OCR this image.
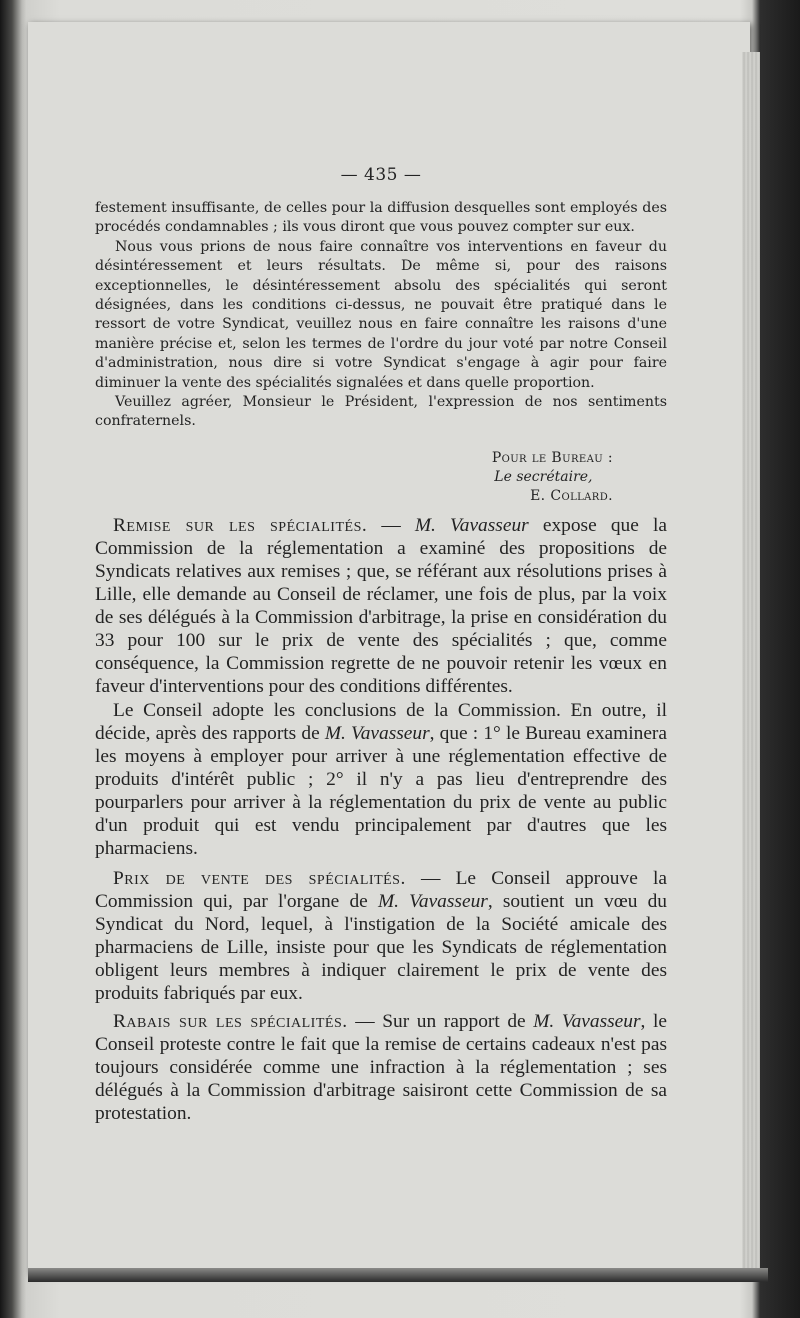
— 435 —

festement insuffisante, de celles pour la diffusion desquelles sont employés des procédés condamnables ; ils vous diront que vous pouvez compter sur eux.

Nous vous prions de nous faire connaître vos interventions en faveur du désintéressement et leurs résultats. De même si, pour des raisons exceptionnelles, le désintéressement absolu des spécialités qui seront désignées, dans les conditions ci-dessus, ne pouvait être pratiqué dans le ressort de votre Syndicat, veuillez nous en faire connaître les raisons d'une manière précise et, selon les termes de l'ordre du jour voté par notre Conseil d'administration, nous dire si votre Syndicat s'engage à agir pour faire diminuer la vente des spécialités signalées et dans quelle proportion.

Veuillez agréer, Monsieur le Président, l'expression de nos sentiments confraternels.

Pour le Bureau :
Le secrétaire,
E. Collard.

Remise sur les spécialités. — M. Vavasseur expose que la Commission de la réglementation a examiné des propositions de Syndicats relatives aux remises ; que, se référant aux résolutions prises à Lille, elle demande au Conseil de réclamer, une fois de plus, par la voix de ses délégués à la Commission d'arbitrage, la prise en considération du 33 pour 100 sur le prix de vente des spécialités ; que, comme conséquence, la Commission regrette de ne pouvoir retenir les vœux en faveur d'interventions pour des conditions différentes.

Le Conseil adopte les conclusions de la Commission. En outre, il décide, après des rapports de M. Vavasseur, que : 1° le Bureau examinera les moyens à employer pour arriver à une réglementation effective de produits d'intérêt public ; 2° il n'y a pas lieu d'entreprendre des pourparlers pour arriver à la réglementation du prix de vente au public d'un produit qui est vendu principalement par d'autres que les pharmaciens.

Prix de vente des spécialités. — Le Conseil approuve la Commission qui, par l'organe de M. Vavasseur, soutient un vœu du Syndicat du Nord, lequel, à l'instigation de la Société amicale des pharmaciens de Lille, insiste pour que les Syndicats de réglementation obligent leurs membres à indiquer clairement le prix de vente des produits fabriqués par eux.

Rabais sur les spécialités. — Sur un rapport de M. Vavasseur, le Conseil proteste contre le fait que la remise de certains cadeaux n'est pas toujours considérée comme une infraction à la réglementation ; ses délégués à la Commission d'arbitrage saisiront cette Commission de sa protestation.
